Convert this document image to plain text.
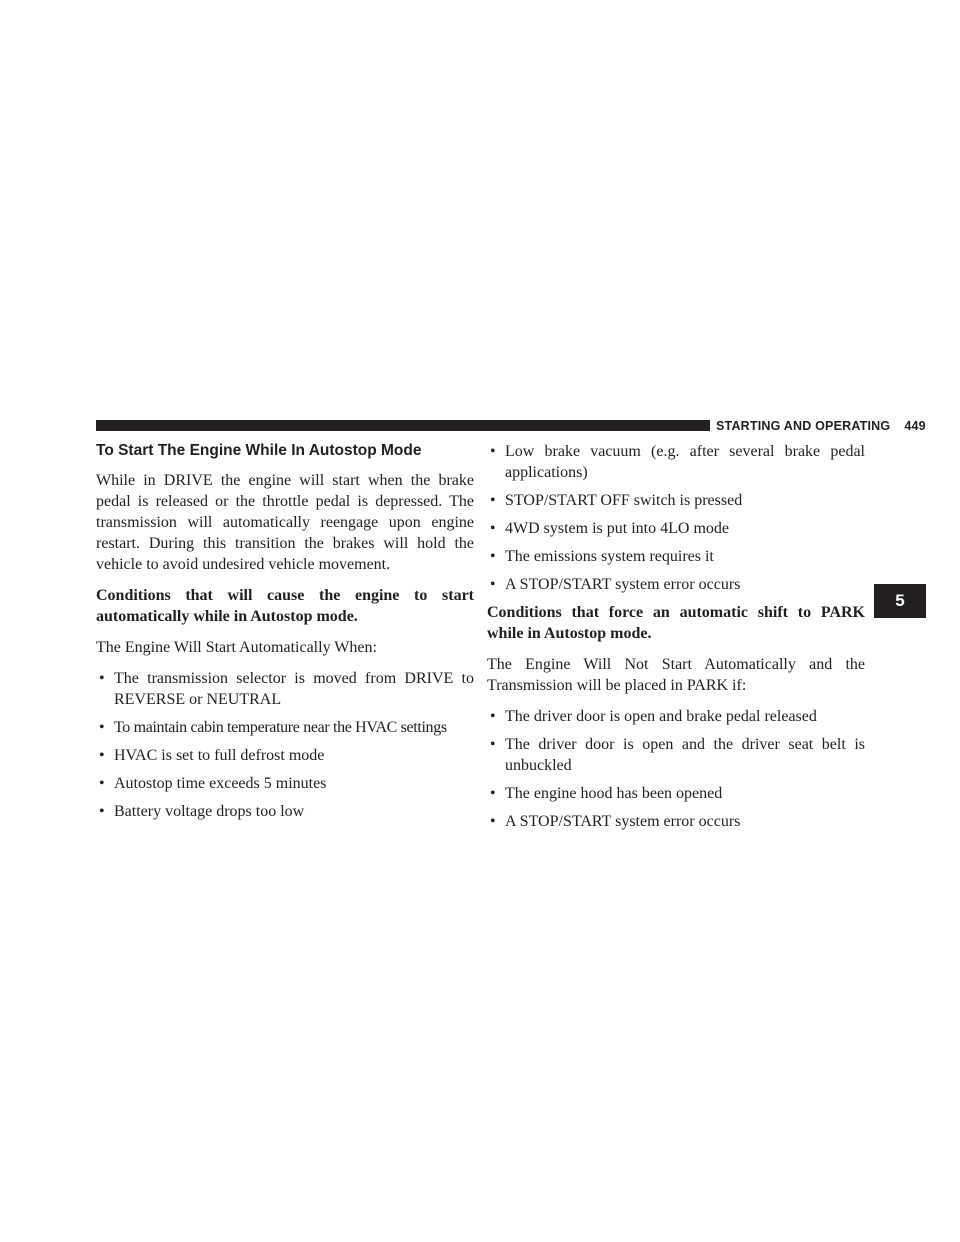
STARTING AND OPERATING 449
To Start The Engine While In Autostop Mode

While in DRIVE the engine will start when the brake pedal is released or the throttle pedal is depressed. The transmission will automatically reengage upon engine restart. During this transition the brakes will hold the vehicle to avoid undesired vehicle movement.

Conditions that will cause the engine to start automatically while in Autostop mode.

The Engine Will Start Automatically When:

• The transmission selector is moved from DRIVE to REVERSE or NEUTRAL
• To maintain cabin temperature near the HVAC settings
• HVAC is set to full defrost mode
• Autostop time exceeds 5 minutes
• Battery voltage drops too low
• Low brake vacuum (e.g. after several brake pedal applications)
• STOP/START OFF switch is pressed
• 4WD system is put into 4LO mode
• The emissions system requires it
• A STOP/START system error occurs

Conditions that force an automatic shift to PARK while in Autostop mode.

The Engine Will Not Start Automatically and the Transmission will be placed in PARK if:

• The driver door is open and brake pedal released
• The driver door is open and the driver seat belt is unbuckled
• The engine hood has been opened
• A STOP/START system error occurs
5
